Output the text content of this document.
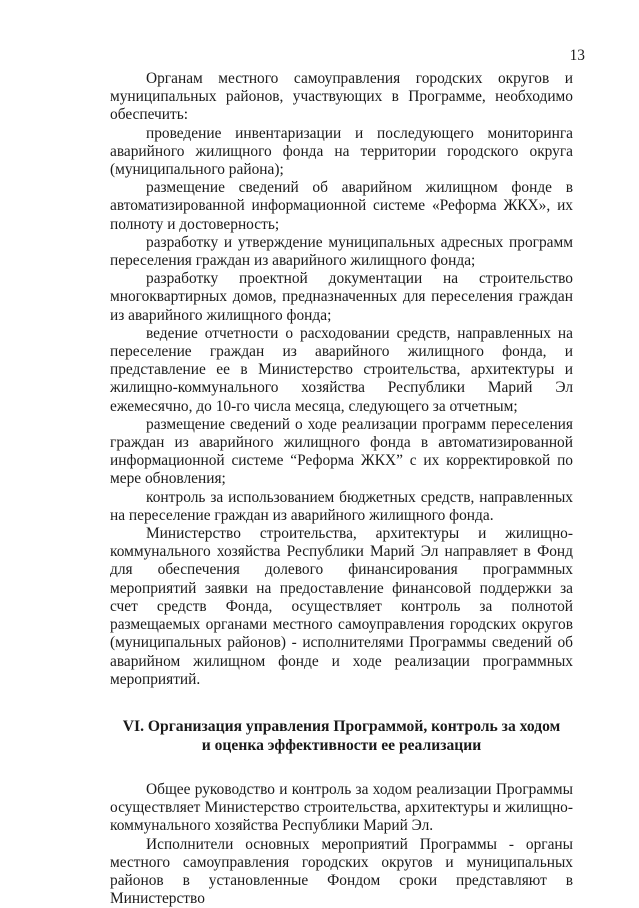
13

Органам местного самоуправления городских округов и муниципальных районов, участвующих в Программе, необходимо обеспечить:

проведение инвентаризации и последующего мониторинга аварийного жилищного фонда на территории городского округа (муниципального района);

размещение сведений об аварийном жилищном фонде в автоматизированной информационной системе «Реформа ЖКХ», их полноту и достоверность;

разработку и утверждение муниципальных адресных программ переселения граждан из аварийного жилищного фонда;

разработку проектной документации на строительство многоквартирных домов, предназначенных для переселения граждан из аварийного жилищного фонда;

ведение отчетности о расходовании средств, направленных на переселение граждан из аварийного жилищного фонда, и представление ее в Министерство строительства, архитектуры и жилищно-коммунального хозяйства Республики Марий Эл ежемесячно, до 10-го числа месяца, следующего за отчетным;

размещение сведений о ходе реализации программ переселения граждан из аварийного жилищного фонда в автоматизированной информационной системе “Реформа ЖКХ” с их корректировкой по мере обновления;

контроль за использованием бюджетных средств, направленных на переселение граждан из аварийного жилищного фонда.

Министерство строительства, архитектуры и жилищно-коммунального хозяйства Республики Марий Эл направляет в Фонд для обеспечения долевого финансирования программных мероприятий заявки на предоставление финансовой поддержки за счет средств Фонда, осуществляет контроль за полнотой размещаемых органами местного самоуправления городских округов (муниципальных районов) - исполнителями Программы сведений об аварийном жилищном фонде и ходе реализации программных мероприятий.

VI. Организация управления Программой, контроль за ходом

и оценка эффективности ее реализации

Общее руководство и контроль за ходом реализации Программы осуществляет Министерство строительства, архитектуры и жилищно-коммунального хозяйства Республики Марий Эл.

Исполнители основных мероприятий Программы - органы местного самоуправления городских округов и муниципальных районов в установленные Фондом сроки представляют в Министерство
